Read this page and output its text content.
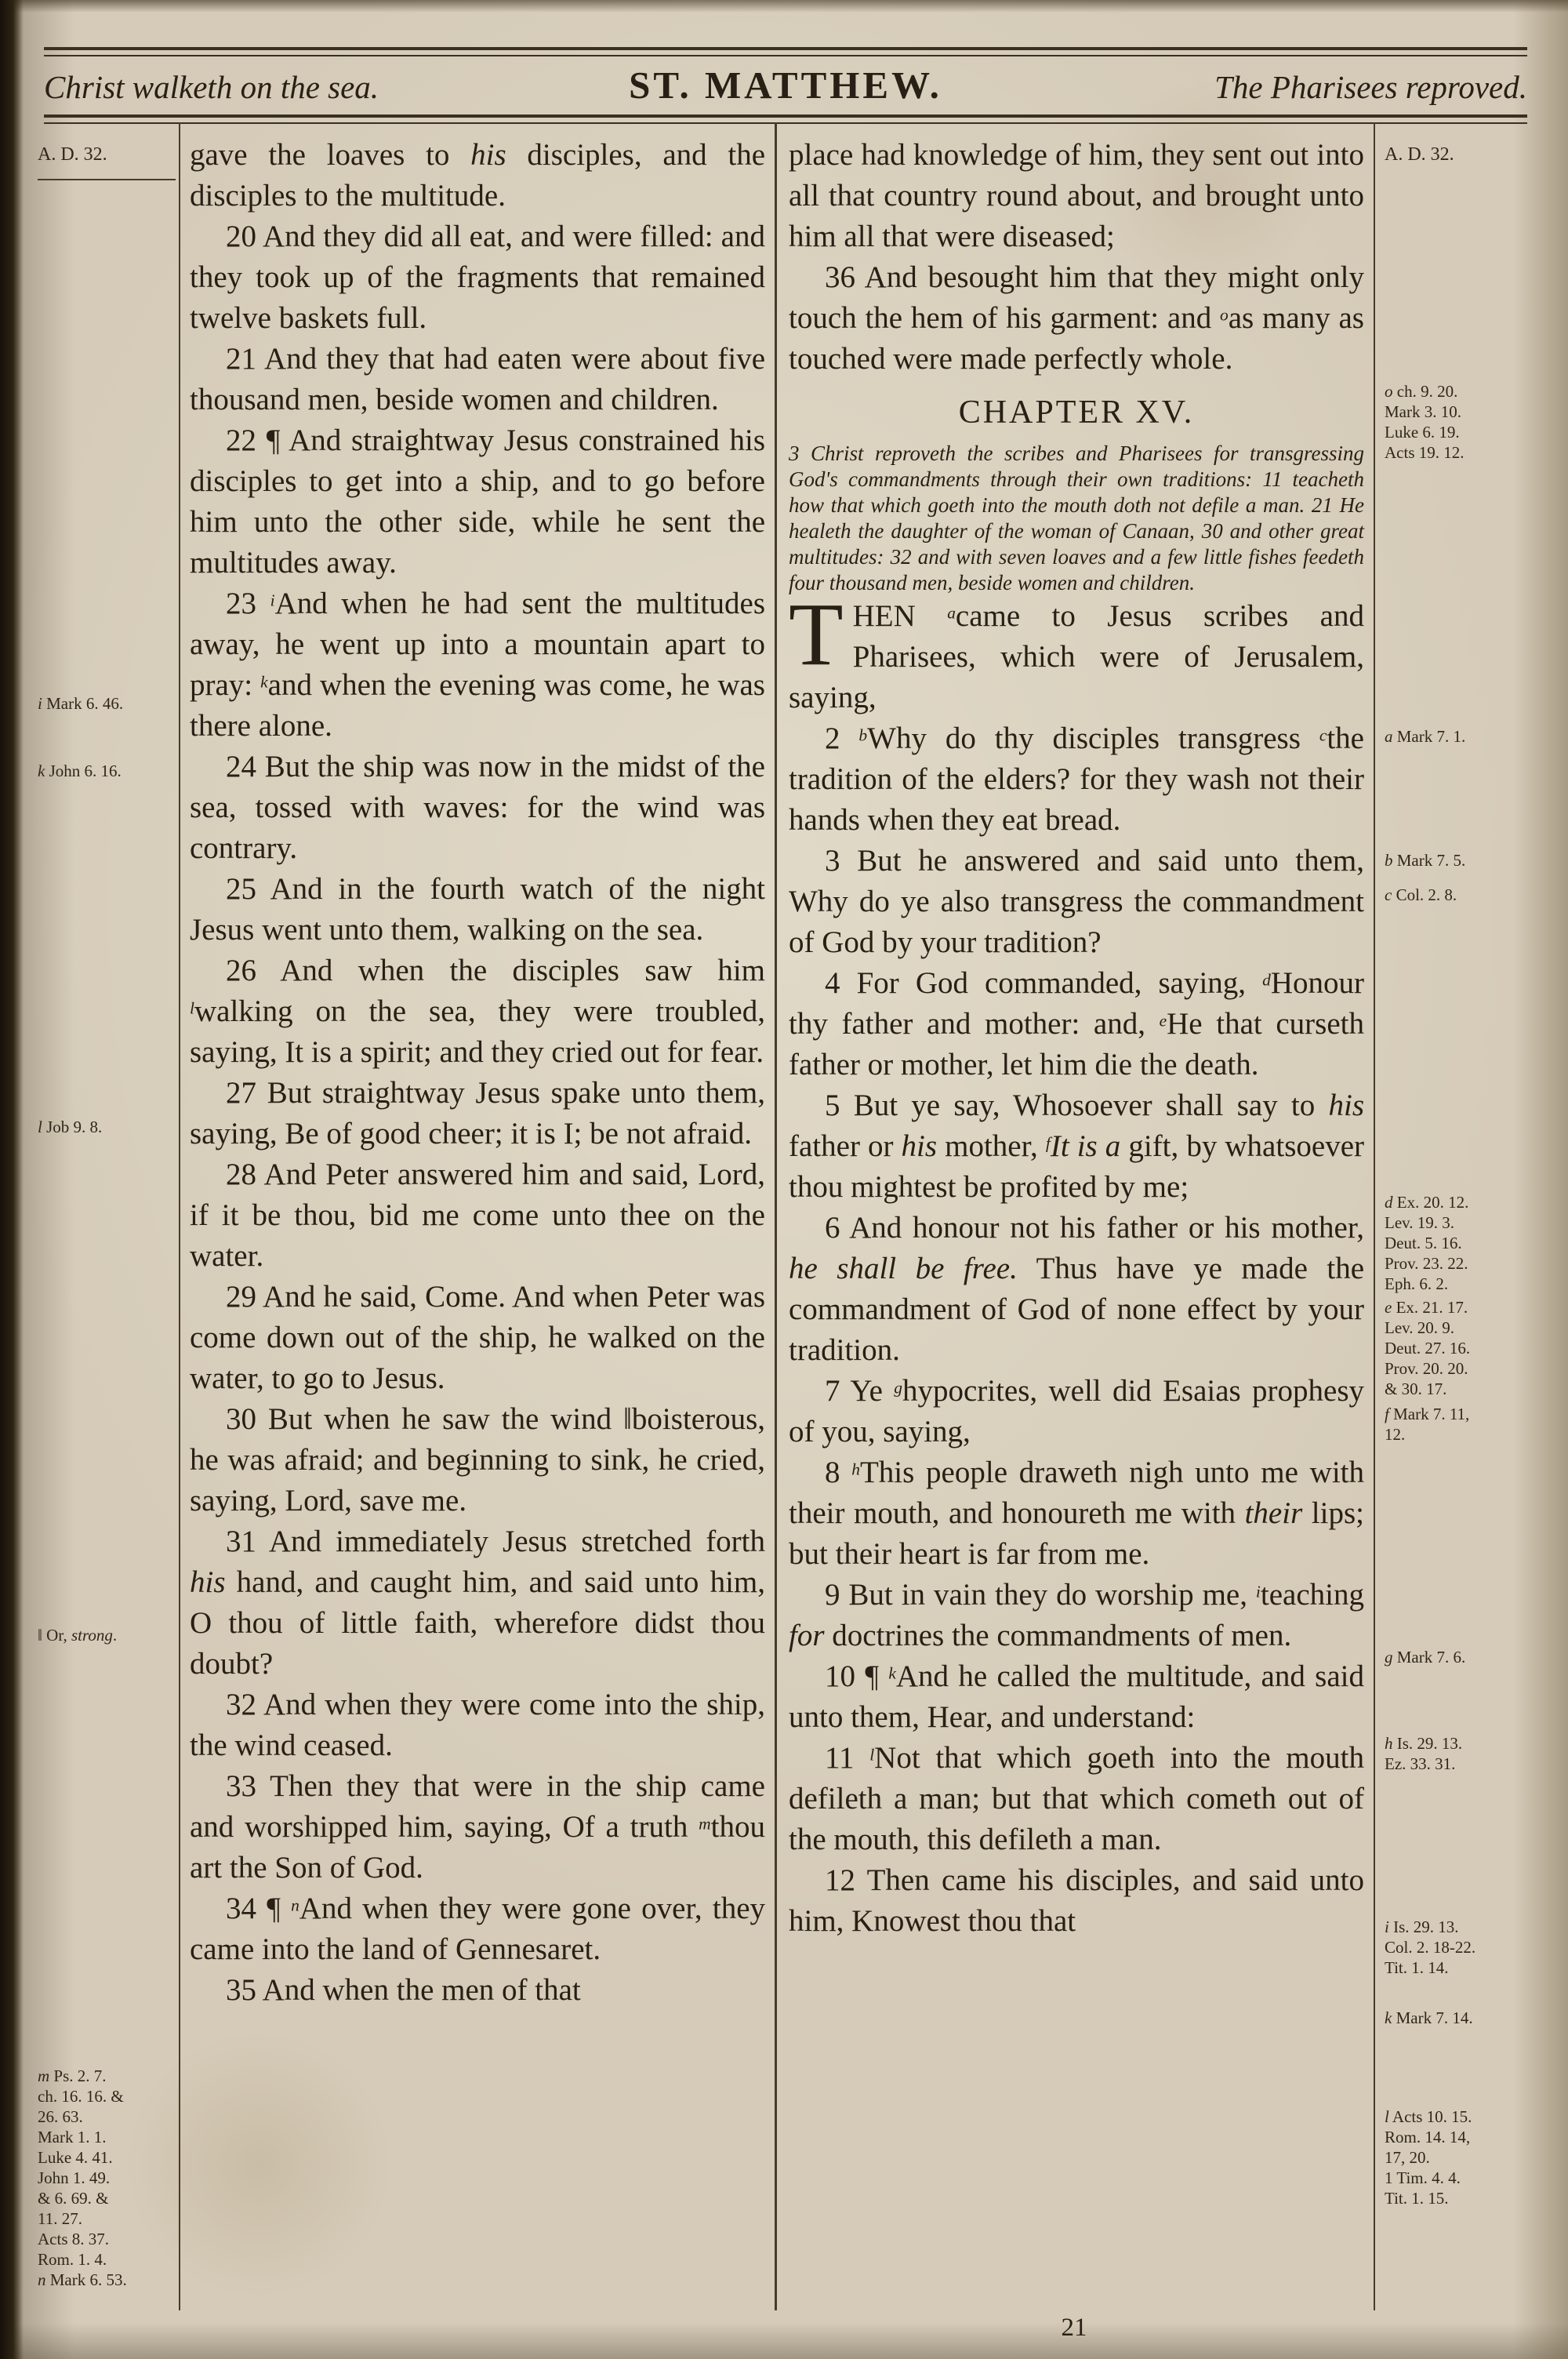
Christ walketh on the sea.	ST. MATTHEW.	The Pharisees reproved.
A. D. 32.
i Mark 6. 46.
k John 6. 16.
l Job 9. 8.
‖ Or, strong.
m Ps. 2. 7.
ch. 16. 16. &
26. 63.
Mark 1. 1.
Luke 4. 41.
John 1. 49.
& 6. 69. &
11. 27.
Acts 8. 37.
Rom. 1. 4.
n Mark 6. 53.

gave the loaves to his disciples, and the disciples to the multitude.

20 And they did all eat, and were filled: and they took up of the fragments that remained twelve baskets full.

21 And they that had eaten were about five thousand men, beside women and children.

22 ¶ And straightway Jesus constrained his disciples to get into a ship, and to go before him unto the other side, while he sent the multitudes away.

23 $^i$And when he had sent the multitudes away, he went up into a mountain apart to pray: $^k$and when the evening was come, he was there alone.

24 But the ship was now in the midst of the sea, tossed with waves: for the wind was contrary.

25 And in the fourth watch of the night Jesus went unto them, walking on the sea.

26 And when the disciples saw him $^l$walking on the sea, they were troubled, saying, It is a spirit; and they cried out for fear.

27 But straightway Jesus spake unto them, saying, Be of good cheer; it is I; be not afraid.

28 And Peter answered him and said, Lord, if it be thou, bid me come unto thee on the water.

29 And he said, Come. And when Peter was come down out of the ship, he walked on the water, to go to Jesus.

30 But when he saw the wind ‖boisterous, he was afraid; and beginning to sink, he cried, saying, Lord, save me.

31 And immediately Jesus stretched forth his hand, and caught him, and said unto him, O thou of little faith, wherefore didst thou doubt?

32 And when they were come into the ship, the wind ceased.

33 Then they that were in the ship came and worshipped him, saying, Of a truth $^m$thou art the Son of God.

34 ¶ $^n$And when they were gone over, they came into the land of Gennesaret.

35 And when the men of that

place had knowledge of him, they sent out into all that country round about, and brought unto him all that were diseased;

36 And besought him that they might only touch the hem of his garment: and $^o$as many as touched were made perfectly whole.

CHAPTER XV.

3 Christ reproveth the scribes and Pharisees for transgressing God's commandments through their own traditions: 11 teacheth how that which goeth into the mouth doth not defile a man. 21 He healeth the daughter of the woman of Canaan, 30 and other great multitudes: 32 and with seven loaves and a few little fishes feedeth four thousand men, beside women and children.

THEN $^a$came to Jesus scribes and Pharisees, which were of Jerusalem, saying,

2 $^b$Why do thy disciples transgress $^c$the tradition of the elders? for they wash not their hands when they eat bread.

3 But he answered and said unto them, Why do ye also transgress the commandment of God by your tradition?

4 For God commanded, saying, $^d$Honour thy father and mother: and, $^e$He that curseth father or mother, let him die the death.

5 But ye say, Whosoever shall say to his father or his mother, $^f$It is a gift, by whatsoever thou mightest be profited by me;

6 And honour not his father or his mother, he shall be free. Thus have ye made the commandment of God of none effect by your tradition.

7 Ye $^g$hypocrites, well did Esaias prophesy of you, saying,

8 $^h$This people draweth nigh unto me with their mouth, and honoureth me with their lips; but their heart is far from me.

9 But in vain they do worship me, $^i$teaching for doctrines the commandments of men.

10 ¶ $^k$And he called the multitude, and said unto them, Hear, and understand:

11 $^l$Not that which goeth into the mouth defileth a man; but that which cometh out of the mouth, this defileth a man.

12 Then came his disciples, and said unto him, Knowest thou that

A. D. 32.
o ch. 9. 20.
Mark 3. 10.
Luke 6. 19.
Acts 19. 12.
a Mark 7. 1.
b Mark 7. 5.
c Col. 2. 8.
d Ex. 20. 12.
Lev. 19. 3.
Deut. 5. 16.
Prov. 23. 22.
Eph. 6. 2.
e Ex. 21. 17.
Lev. 20. 9.
Deut. 27. 16.
Prov. 20. 20.
& 30. 17.
f Mark 7. 11,
12.
g Mark 7. 6.
h Is. 29. 13.
Ez. 33. 31.
i Is. 29. 13.
Col. 2. 18-22.
Tit. 1. 14.
k Mark 7. 14.
l Acts 10. 15.
Rom. 14. 14,
17, 20.
1 Tim. 4. 4.
Tit. 1. 15.
21
